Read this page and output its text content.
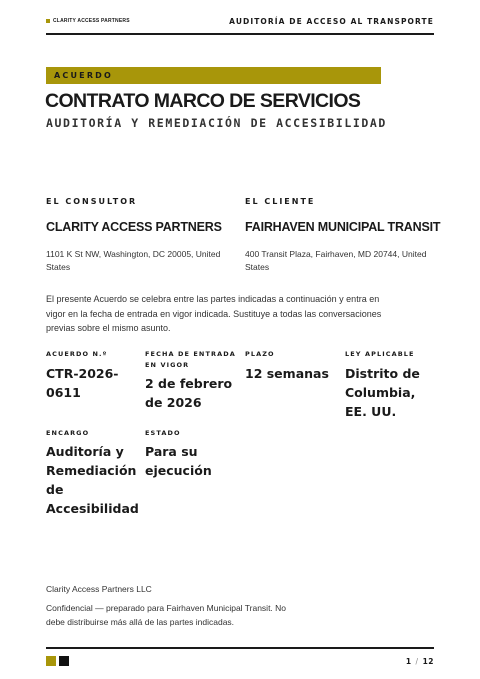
CLARITY ACCESS PARTNERS	AUDITORÍA DE ACCESO AL TRANSPORTE
ACUERDO
CONTRATO MARCO DE SERVICIOS
AUDITORÍA Y REMEDIACIÓN DE ACCESIBILIDAD
EL CONSULTOR
CLARITY ACCESS PARTNERS
1101 K St NW, Washington, DC 20005, United States
EL CLIENTE
FAIRHAVEN MUNICIPAL TRANSIT
400 Transit Plaza, Fairhaven, MD 20744, United States
El presente Acuerdo se celebra entre las partes indicadas a continuación y entra en vigor en la fecha de entrada en vigor indicada. Sustituye a todas las conversaciones previas sobre el mismo asunto.
ACUERDO N.º
CTR-2026-0611
FECHA DE ENTRADA EN VIGOR
2 de febrero de 2026
PLAZO
12 semanas
LEY APLICABLE
Distrito de Columbia, EE. UU.
ENCARGO
Auditoría y Remediación de Accesibilidad
ESTADO
Para su ejecución
Clarity Access Partners LLC
Confidencial — preparado para Fairhaven Municipal Transit. No debe distribuirse más allá de las partes indicadas.
1 / 12
